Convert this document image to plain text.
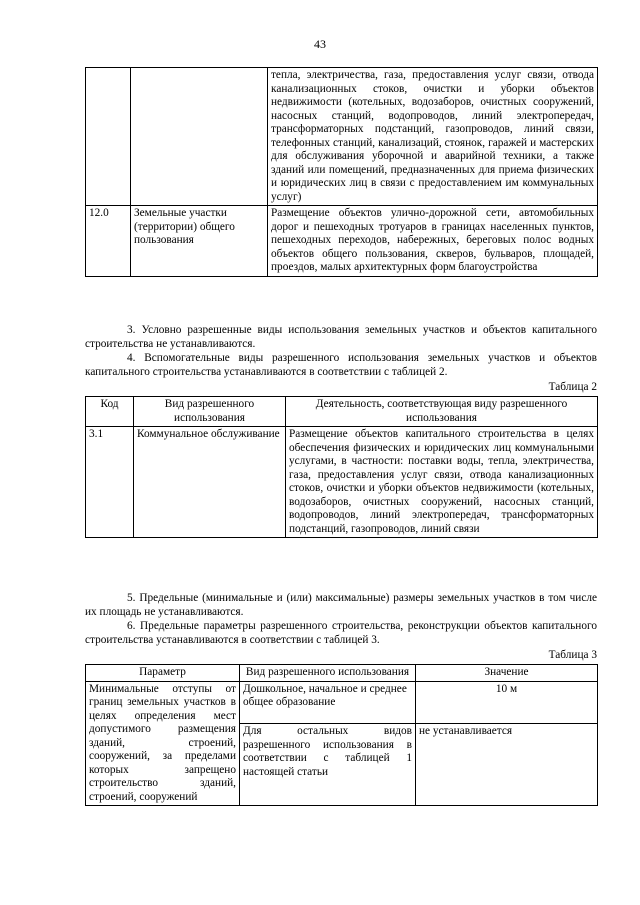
43
		тепла, электричества, газа, предоставления услуг связи, отвода канализационных стоков, очистки и уборки объектов недвижимости (котельных, водозаборов, очистных сооружений, насосных станций, водопроводов, линий электропередач, трансформаторных подстанций, газопроводов, линий связи, телефонных станций, канализаций, стоянок, гаражей и мастерских для обслуживания уборочной и аварийной техники, а также зданий или помещений, предназначенных для приема физических и юридических лиц в связи с предоставлением им коммунальных услуг)
12.0	Земельные участки (территории) общего пользования	Размещение объектов улично-дорожной сети, автомобильных дорог и пешеходных тротуаров в границах населенных пунктов, пешеходных переходов, набережных, береговых полос водных объектов общего пользования, скверов, бульваров, площадей, проездов, малых архитектурных форм благоустройства
3. Условно разрешенные виды использования земельных участков и объектов капитального строительства не устанавливаются.
4. Вспомогательные виды разрешенного использования земельных участков и объектов капитального строительства устанавливаются в соответствии с таблицей 2.
Таблица 2
Код	Вид разрешенного использования	Деятельность, соответствующая виду разрешенного использования
3.1	Коммунальное обслуживание	Размещение объектов капитального строительства в целях обеспечения физических и юридических лиц коммунальными услугами, в частности: поставки воды, тепла, электричества, газа, предоставления услуг связи, отвода канализационных стоков, очистки и уборки объектов недвижимости (котельных, водозаборов, очистных сооружений, насосных станций, водопроводов, линий электропередач, трансформаторных подстанций, газопроводов, линий связи
5. Предельные (минимальные и (или) максимальные) размеры земельных участков в том числе их площадь не устанавливаются.
6. Предельные параметры разрешенного строительства, реконструкции объектов капитального строительства устанавливаются в соответствии с таблицей 3.
Таблица 3
Параметр	Вид разрешенного использования	Значение
Минимальные отступы от границ земельных участков в целях определения мест допустимого размещения зданий, строений, сооружений, за пределами которых запрещено строительство зданий, строений, сооружений	Дошкольное, начальное и среднее общее образование	10 м
	Для остальных видов разрешенного использования в соответствии с таблицей 1 настоящей статьи	не устанавливается
